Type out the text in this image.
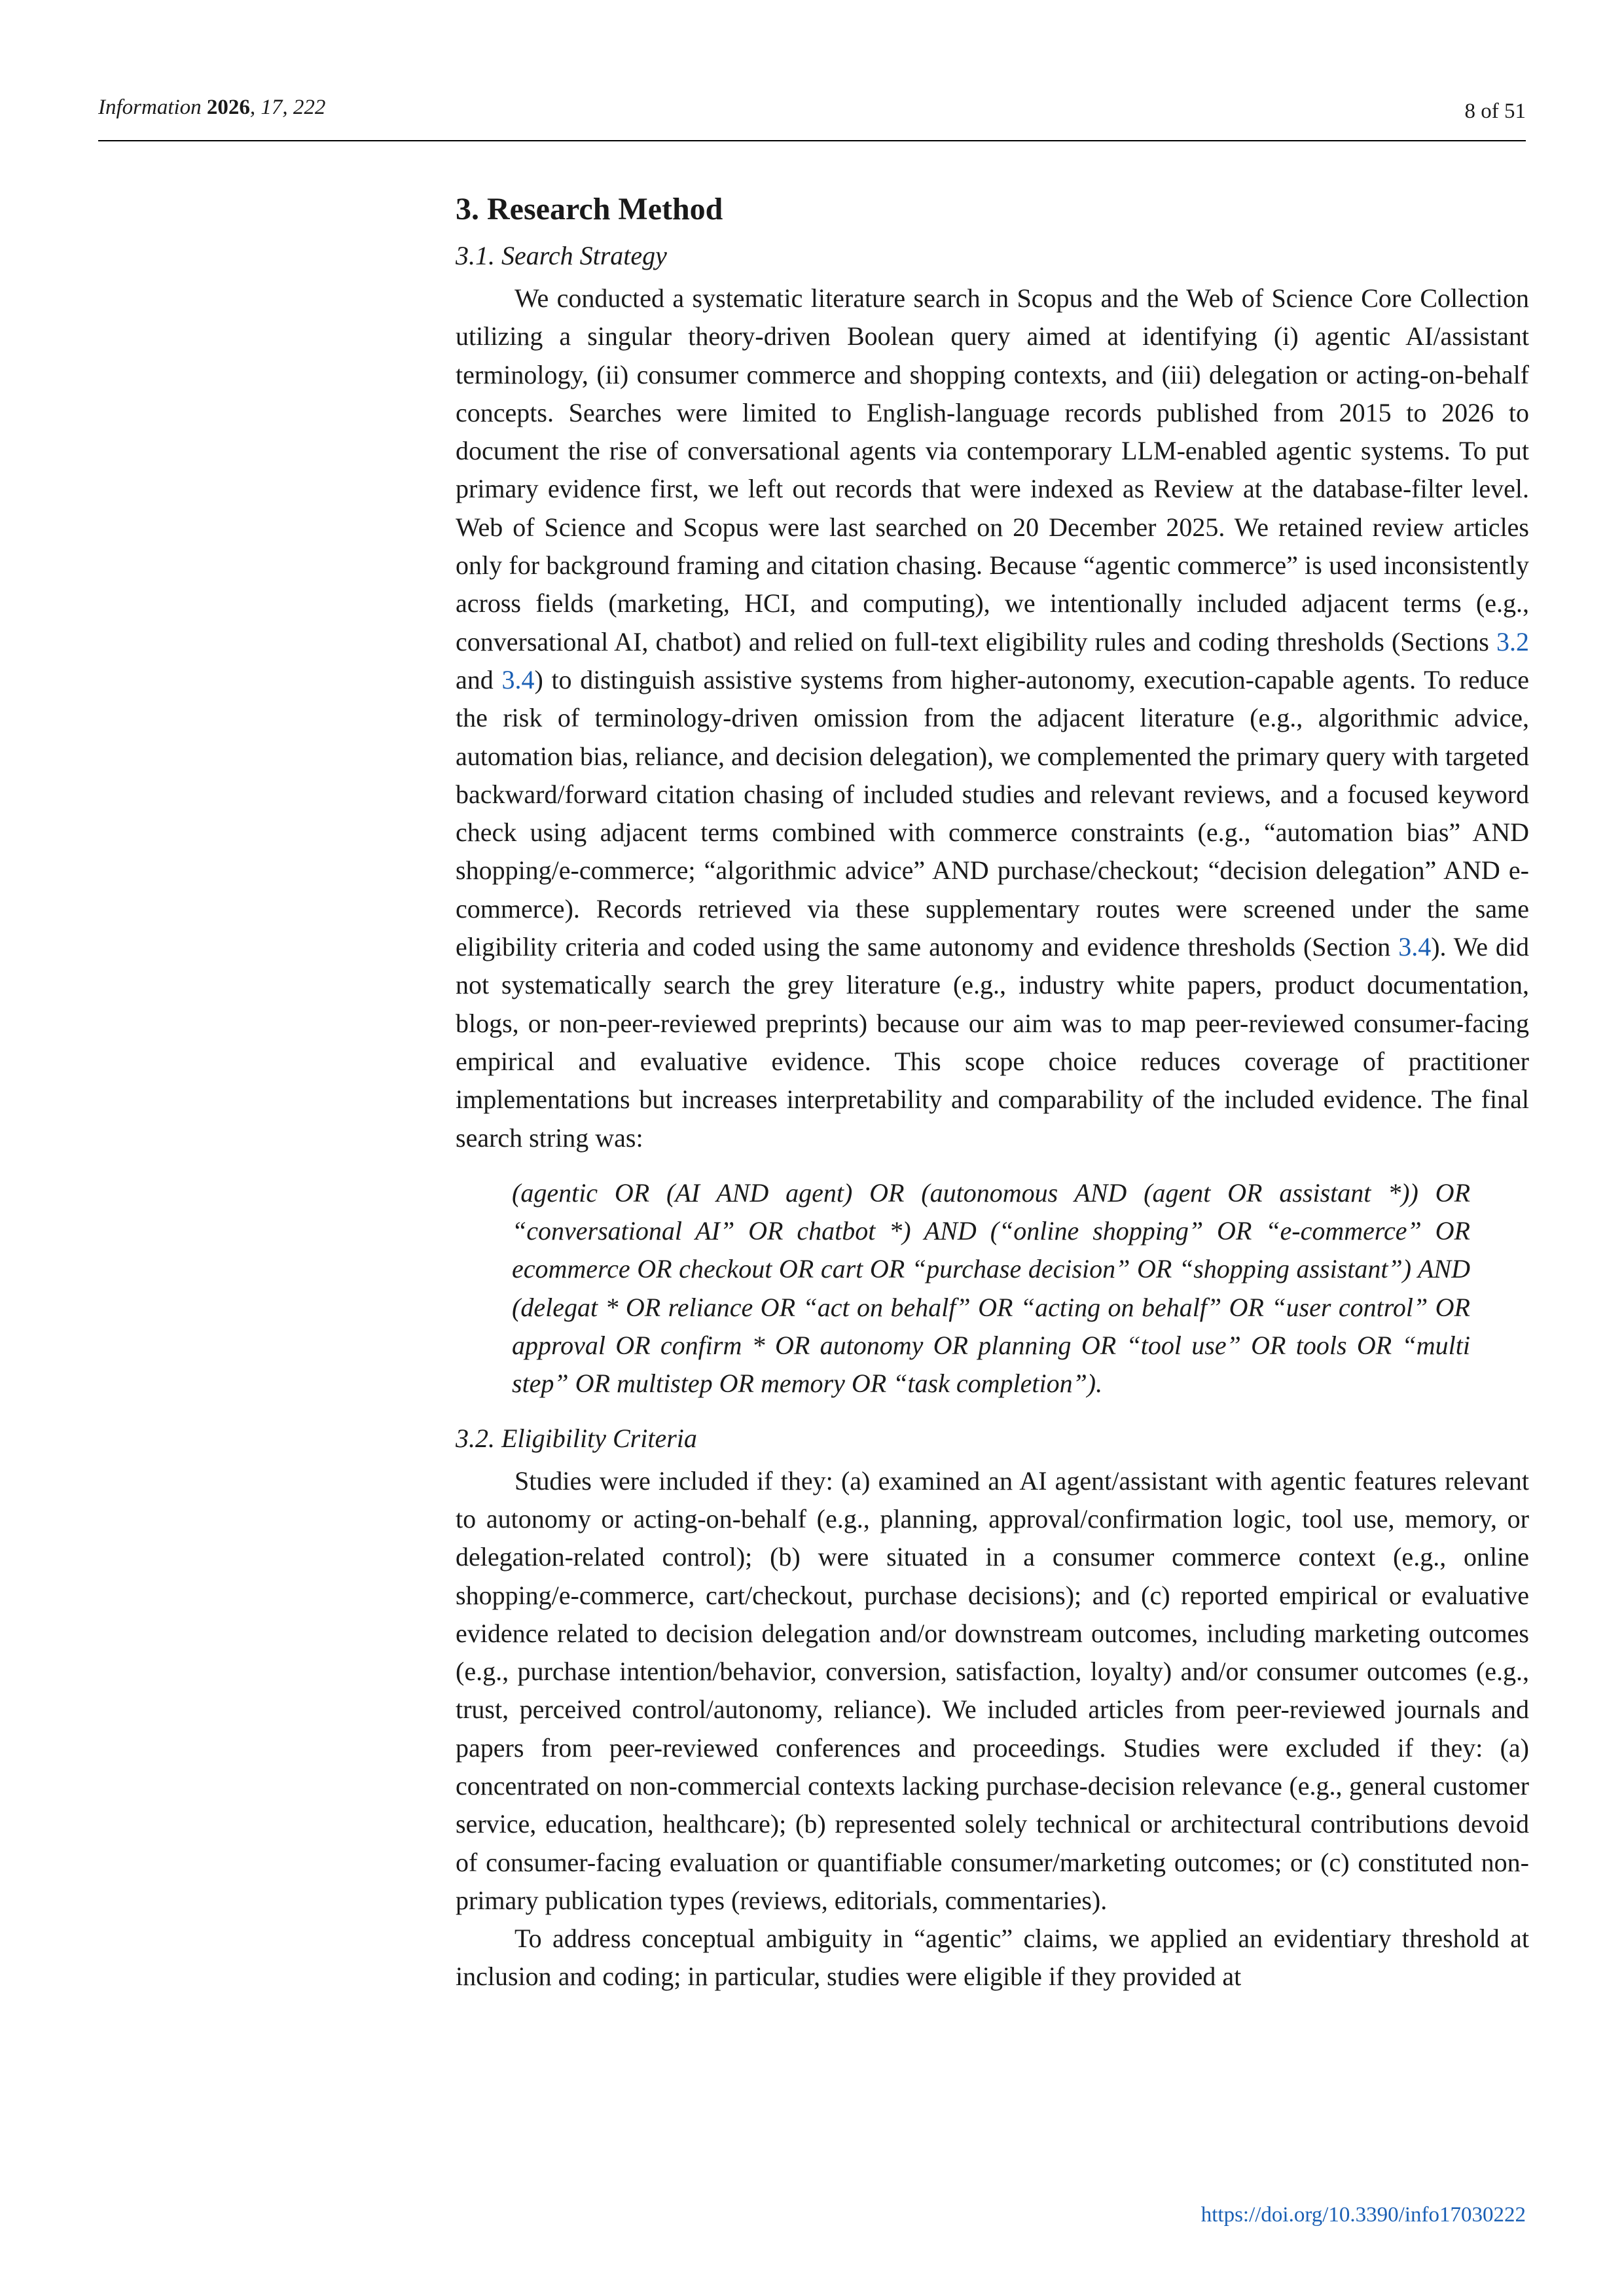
Information 2026, 17, 222	8 of 51
3. Research Method
3.1. Search Strategy

We conducted a systematic literature search in Scopus and the Web of Science Core Collection utilizing a singular theory-driven Boolean query aimed at identifying (i) agentic AI/assistant terminology, (ii) consumer commerce and shopping contexts, and (iii) delegation or acting-on-behalf concepts. Searches were limited to English-language records published from 2015 to 2026 to document the rise of conversational agents via contemporary LLM-enabled agentic systems. To put primary evidence first, we left out records that were indexed as Review at the database-filter level. Web of Science and Scopus were last searched on 20 December 2025. We retained review articles only for background framing and citation chasing. Because “agentic commerce” is used inconsistently across fields (marketing, HCI, and computing), we intentionally included adjacent terms (e.g., conversational AI, chatbot) and relied on full-text eligibility rules and coding thresholds (Sections 3.2 and 3.4) to distinguish assistive systems from higher-autonomy, execution-capable agents. To reduce the risk of terminology-driven omission from the adjacent literature (e.g., algorithmic advice, automation bias, reliance, and decision delegation), we complemented the primary query with targeted backward/forward citation chasing of included studies and relevant reviews, and a focused keyword check using adjacent terms combined with commerce constraints (e.g., “automation bias” AND shopping/e-commerce; “algorithmic advice” AND purchase/checkout; “decision delegation” AND e-commerce). Records retrieved via these supplementary routes were screened under the same eligibility criteria and coded using the same autonomy and evidence thresholds (Section 3.4). We did not systematically search the grey literature (e.g., industry white papers, product documentation, blogs, or non-peer-reviewed preprints) because our aim was to map peer-reviewed consumer-facing empirical and evaluative evidence. This scope choice reduces coverage of practitioner implementations but increases interpretability and comparability of the included evidence. The final search string was:

(agentic OR (AI AND agent) OR (autonomous AND (agent OR assistant *)) OR “conversational AI” OR chatbot *) AND (“online shopping” OR “e-commerce” OR ecommerce OR checkout OR cart OR “purchase decision” OR “shopping assistant”) AND (delegat * OR reliance OR “act on behalf” OR “acting on behalf” OR “user control” OR approval OR confirm * OR autonomy OR planning OR “tool use” OR tools OR “multi step” OR multistep OR memory OR “task completion”).
3.2. Eligibility Criteria

Studies were included if they: (a) examined an AI agent/assistant with agentic features relevant to autonomy or acting-on-behalf (e.g., planning, approval/confirmation logic, tool use, memory, or delegation-related control); (b) were situated in a consumer commerce context (e.g., online shopping/e-commerce, cart/checkout, purchase decisions); and (c) reported empirical or evaluative evidence related to decision delegation and/or downstream outcomes, including marketing outcomes (e.g., purchase intention/behavior, conversion, satisfaction, loyalty) and/or consumer outcomes (e.g., trust, perceived control/autonomy, reliance). We included articles from peer-reviewed journals and papers from peer-reviewed conferences and proceedings. Studies were excluded if they: (a) concentrated on non-commercial contexts lacking purchase-decision relevance (e.g., general customer service, education, healthcare); (b) represented solely technical or architectural contributions devoid of consumer-facing evaluation or quantifiable consumer/marketing outcomes; or (c) constituted non-primary publication types (reviews, editorials, commentaries).

To address conceptual ambiguity in “agentic” claims, we applied an evidentiary threshold at inclusion and coding; in particular, studies were eligible if they provided at

https://doi.org/10.3390/info17030222
